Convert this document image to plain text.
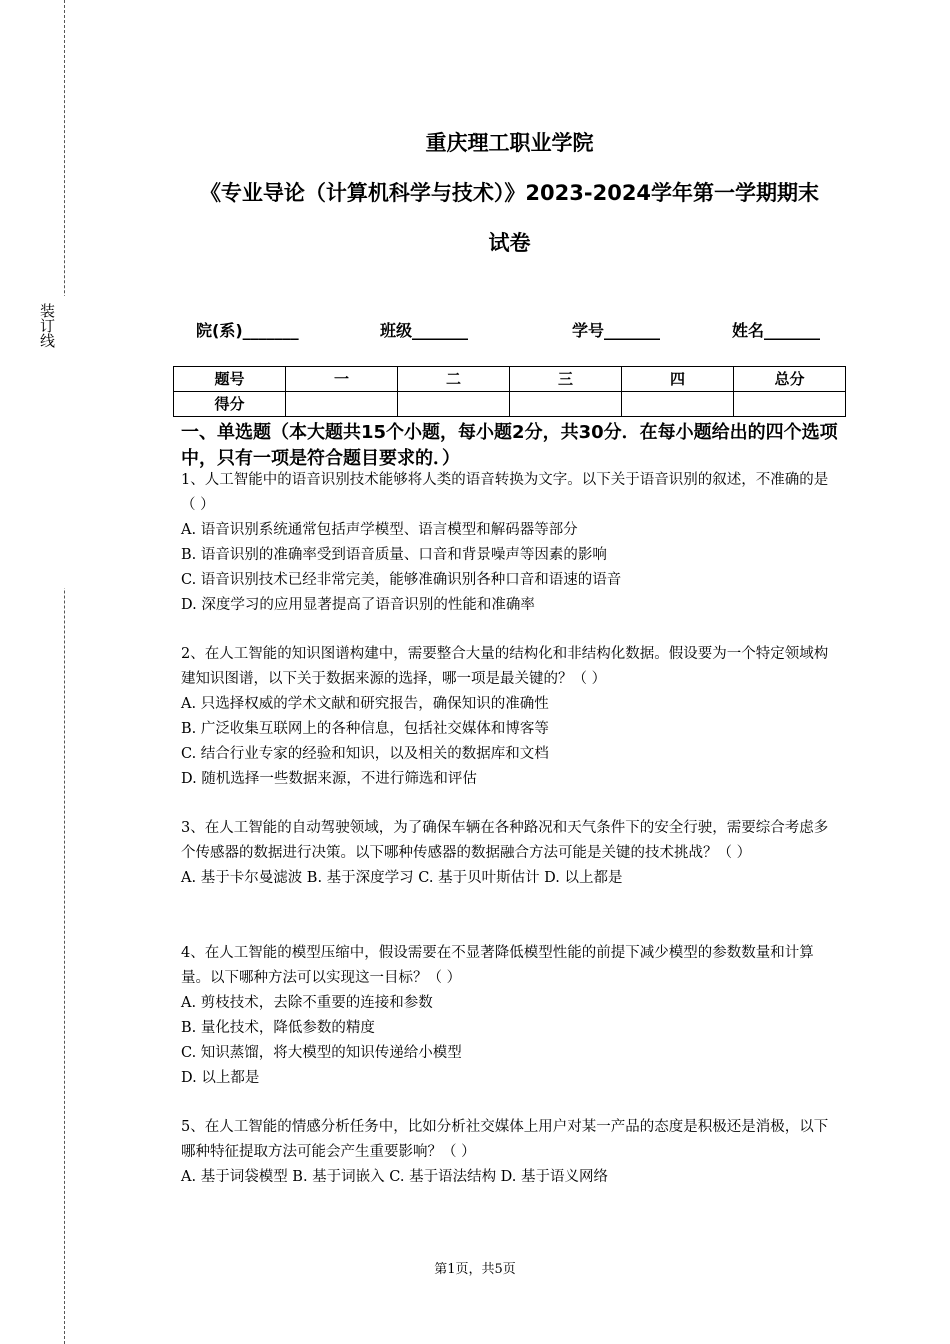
装订线
重庆理工职业学院
《专业导论（计算机科学与技术）》2023-2024学年第一学期期末
试卷
院(系)_______	班级_______	学号_______	姓名_______
题号	一	二	三	四	总分
得分					
一、单选题（本大题共15个小题，每小题2分，共30分．在每小题给出的四个选项中，只有一项是符合题目要求的．）
1、人工智能中的语音识别技术能够将人类的语音转换为文字。以下关于语音识别的叙述，不准确的是（ ）
A. 语音识别系统通常包括声学模型、语言模型和解码器等部分
B. 语音识别的准确率受到语音质量、口音和背景噪声等因素的影响
C. 语音识别技术已经非常完美，能够准确识别各种口音和语速的语音
D. 深度学习的应用显著提高了语音识别的性能和准确率
2、在人工智能的知识图谱构建中，需要整合大量的结构化和非结构化数据。假设要为一个特定领域构建知识图谱，以下关于数据来源的选择，哪一项是最关键的？（ ）
A. 只选择权威的学术文献和研究报告，确保知识的准确性
B. 广泛收集互联网上的各种信息，包括社交媒体和博客等
C. 结合行业专家的经验和知识，以及相关的数据库和文档
D. 随机选择一些数据来源，不进行筛选和评估
3、在人工智能的自动驾驶领域，为了确保车辆在各种路况和天气条件下的安全行驶，需要综合考虑多个传感器的数据进行决策。以下哪种传感器的数据融合方法可能是关键的技术挑战？（ ）
A. 基于卡尔曼滤波 B. 基于深度学习 C. 基于贝叶斯估计 D. 以上都是
4、在人工智能的模型压缩中，假设需要在不显著降低模型性能的前提下减少模型的参数数量和计算量。以下哪种方法可以实现这一目标？（ ）
A. 剪枝技术，去除不重要的连接和参数
B. 量化技术，降低参数的精度
C. 知识蒸馏，将大模型的知识传递给小模型
D. 以上都是
5、在人工智能的情感分析任务中，比如分析社交媒体上用户对某一产品的态度是积极还是消极，以下哪种特征提取方法可能会产生重要影响？（ ）
A. 基于词袋模型 B. 基于词嵌入 C. 基于语法结构 D. 基于语义网络
第1页，共5页
